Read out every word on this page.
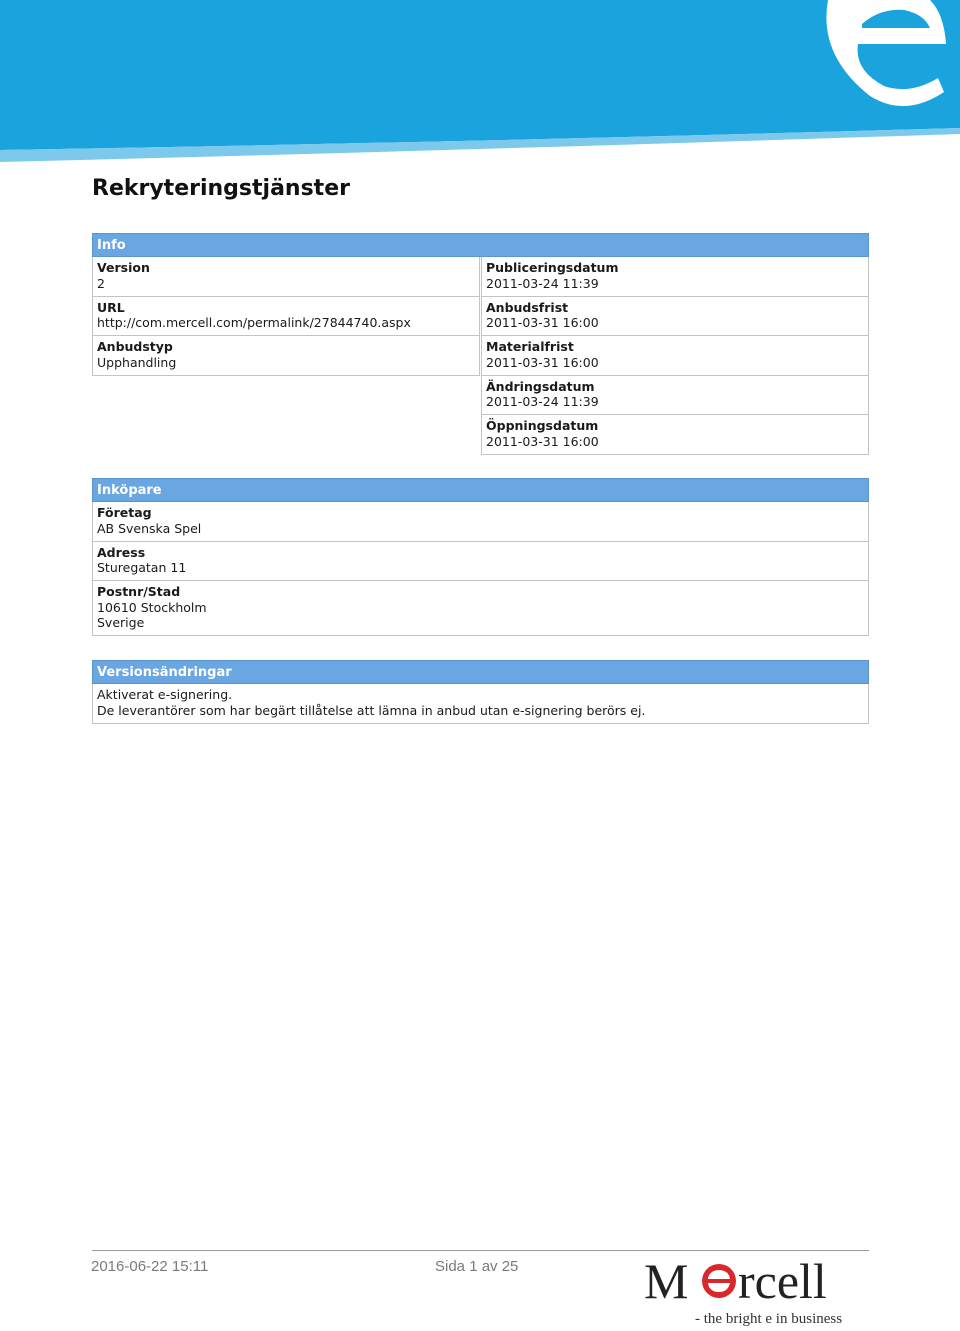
Rekryteringstjänster
Info
Version
2
URL
http://com.mercell.com/permalink/27844740.aspx
Anbudstyp
Upphandling
Publiceringsdatum
2011-03-24 11:39
Anbudsfrist
2011-03-31 16:00
Materialfrist
2011-03-31 16:00
Ändringsdatum
2011-03-24 11:39
Öppningsdatum
2011-03-31 16:00
Inköpare
Företag
AB Svenska Spel
Adress
Sturegatan 11
Postnr/Stad
10610 Stockholm
Sverige
Versionsändringar
Aktiverat e-signering.
De leverantörer som har begärt tillåtelse att lämna in anbud utan e-signering berörs ej.
2016-06-22 15:11	Sida 1 av 25	M rcell
- the bright e in business
